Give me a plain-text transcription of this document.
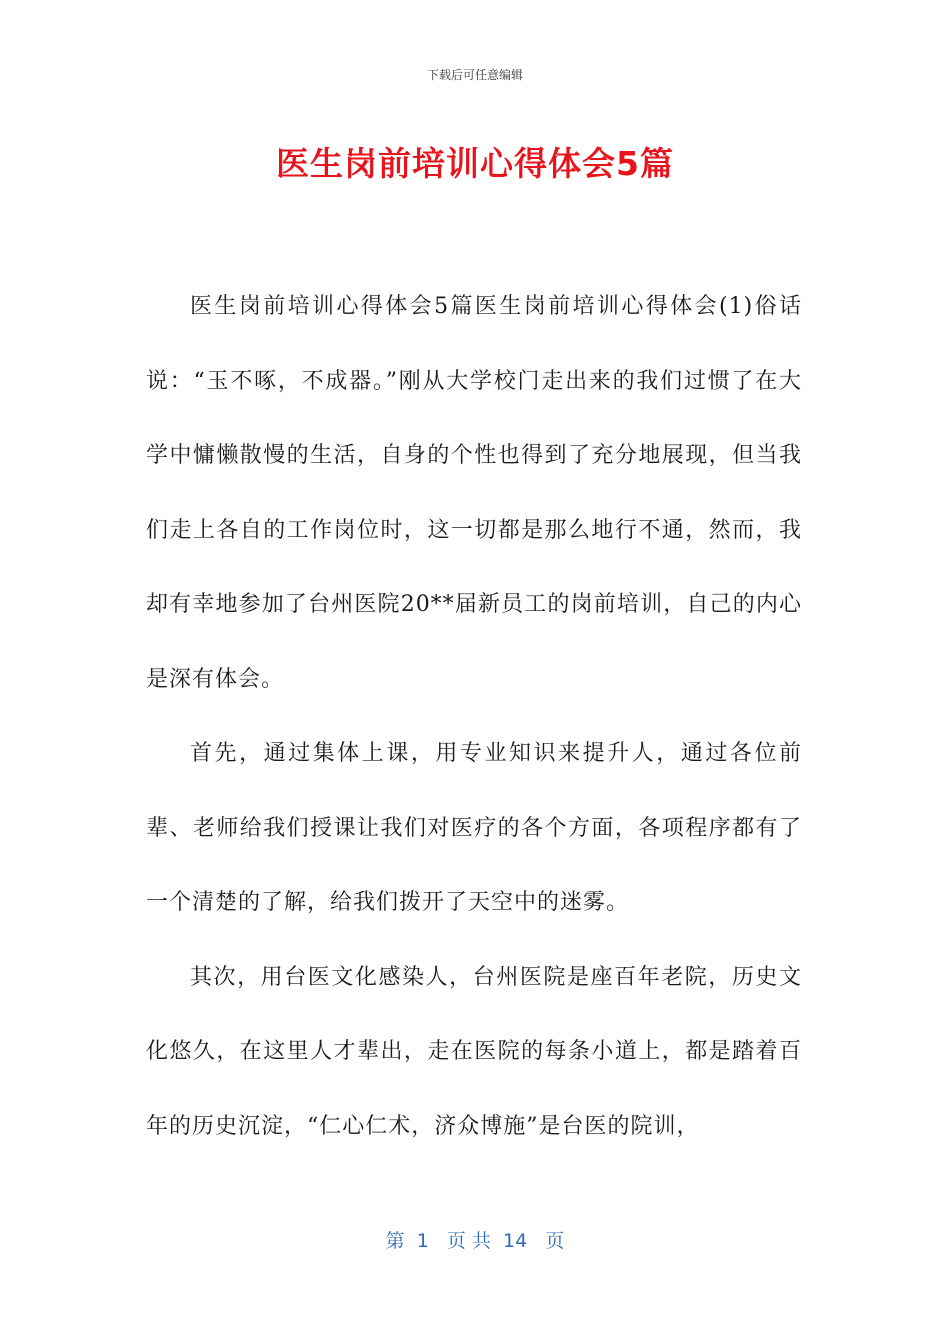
下载后可任意编辑
医生岗前培训心得体会5篇

医生岗前培训心得体会5篇医生岗前培训心得体会(1)俗话说：“玉不啄，不成器。”刚从大学校门走出来的我们过惯了在大学中慵懒散慢的生活，自身的个性也得到了充分地展现，但当我们走上各自的工作岗位时，这一切都是那么地行不通，然而，我却有幸地参加了台州医院20**届新员工的岗前培训，自己的内心是深有体会。

首先，通过集体上课，用专业知识来提升人，通过各位前辈、老师给我们授课让我们对医疗的各个方面，各项程序都有了一个清楚的了解，给我们拨开了天空中的迷雾。

其次，用台医文化感染人，台州医院是座百年老院，历史文化悠久，在这里人才辈出，走在医院的每条小道上，都是踏着百年的历史沉淀，“仁心仁术，济众博施”是台医的院训，

第  1   页 共  14   页
